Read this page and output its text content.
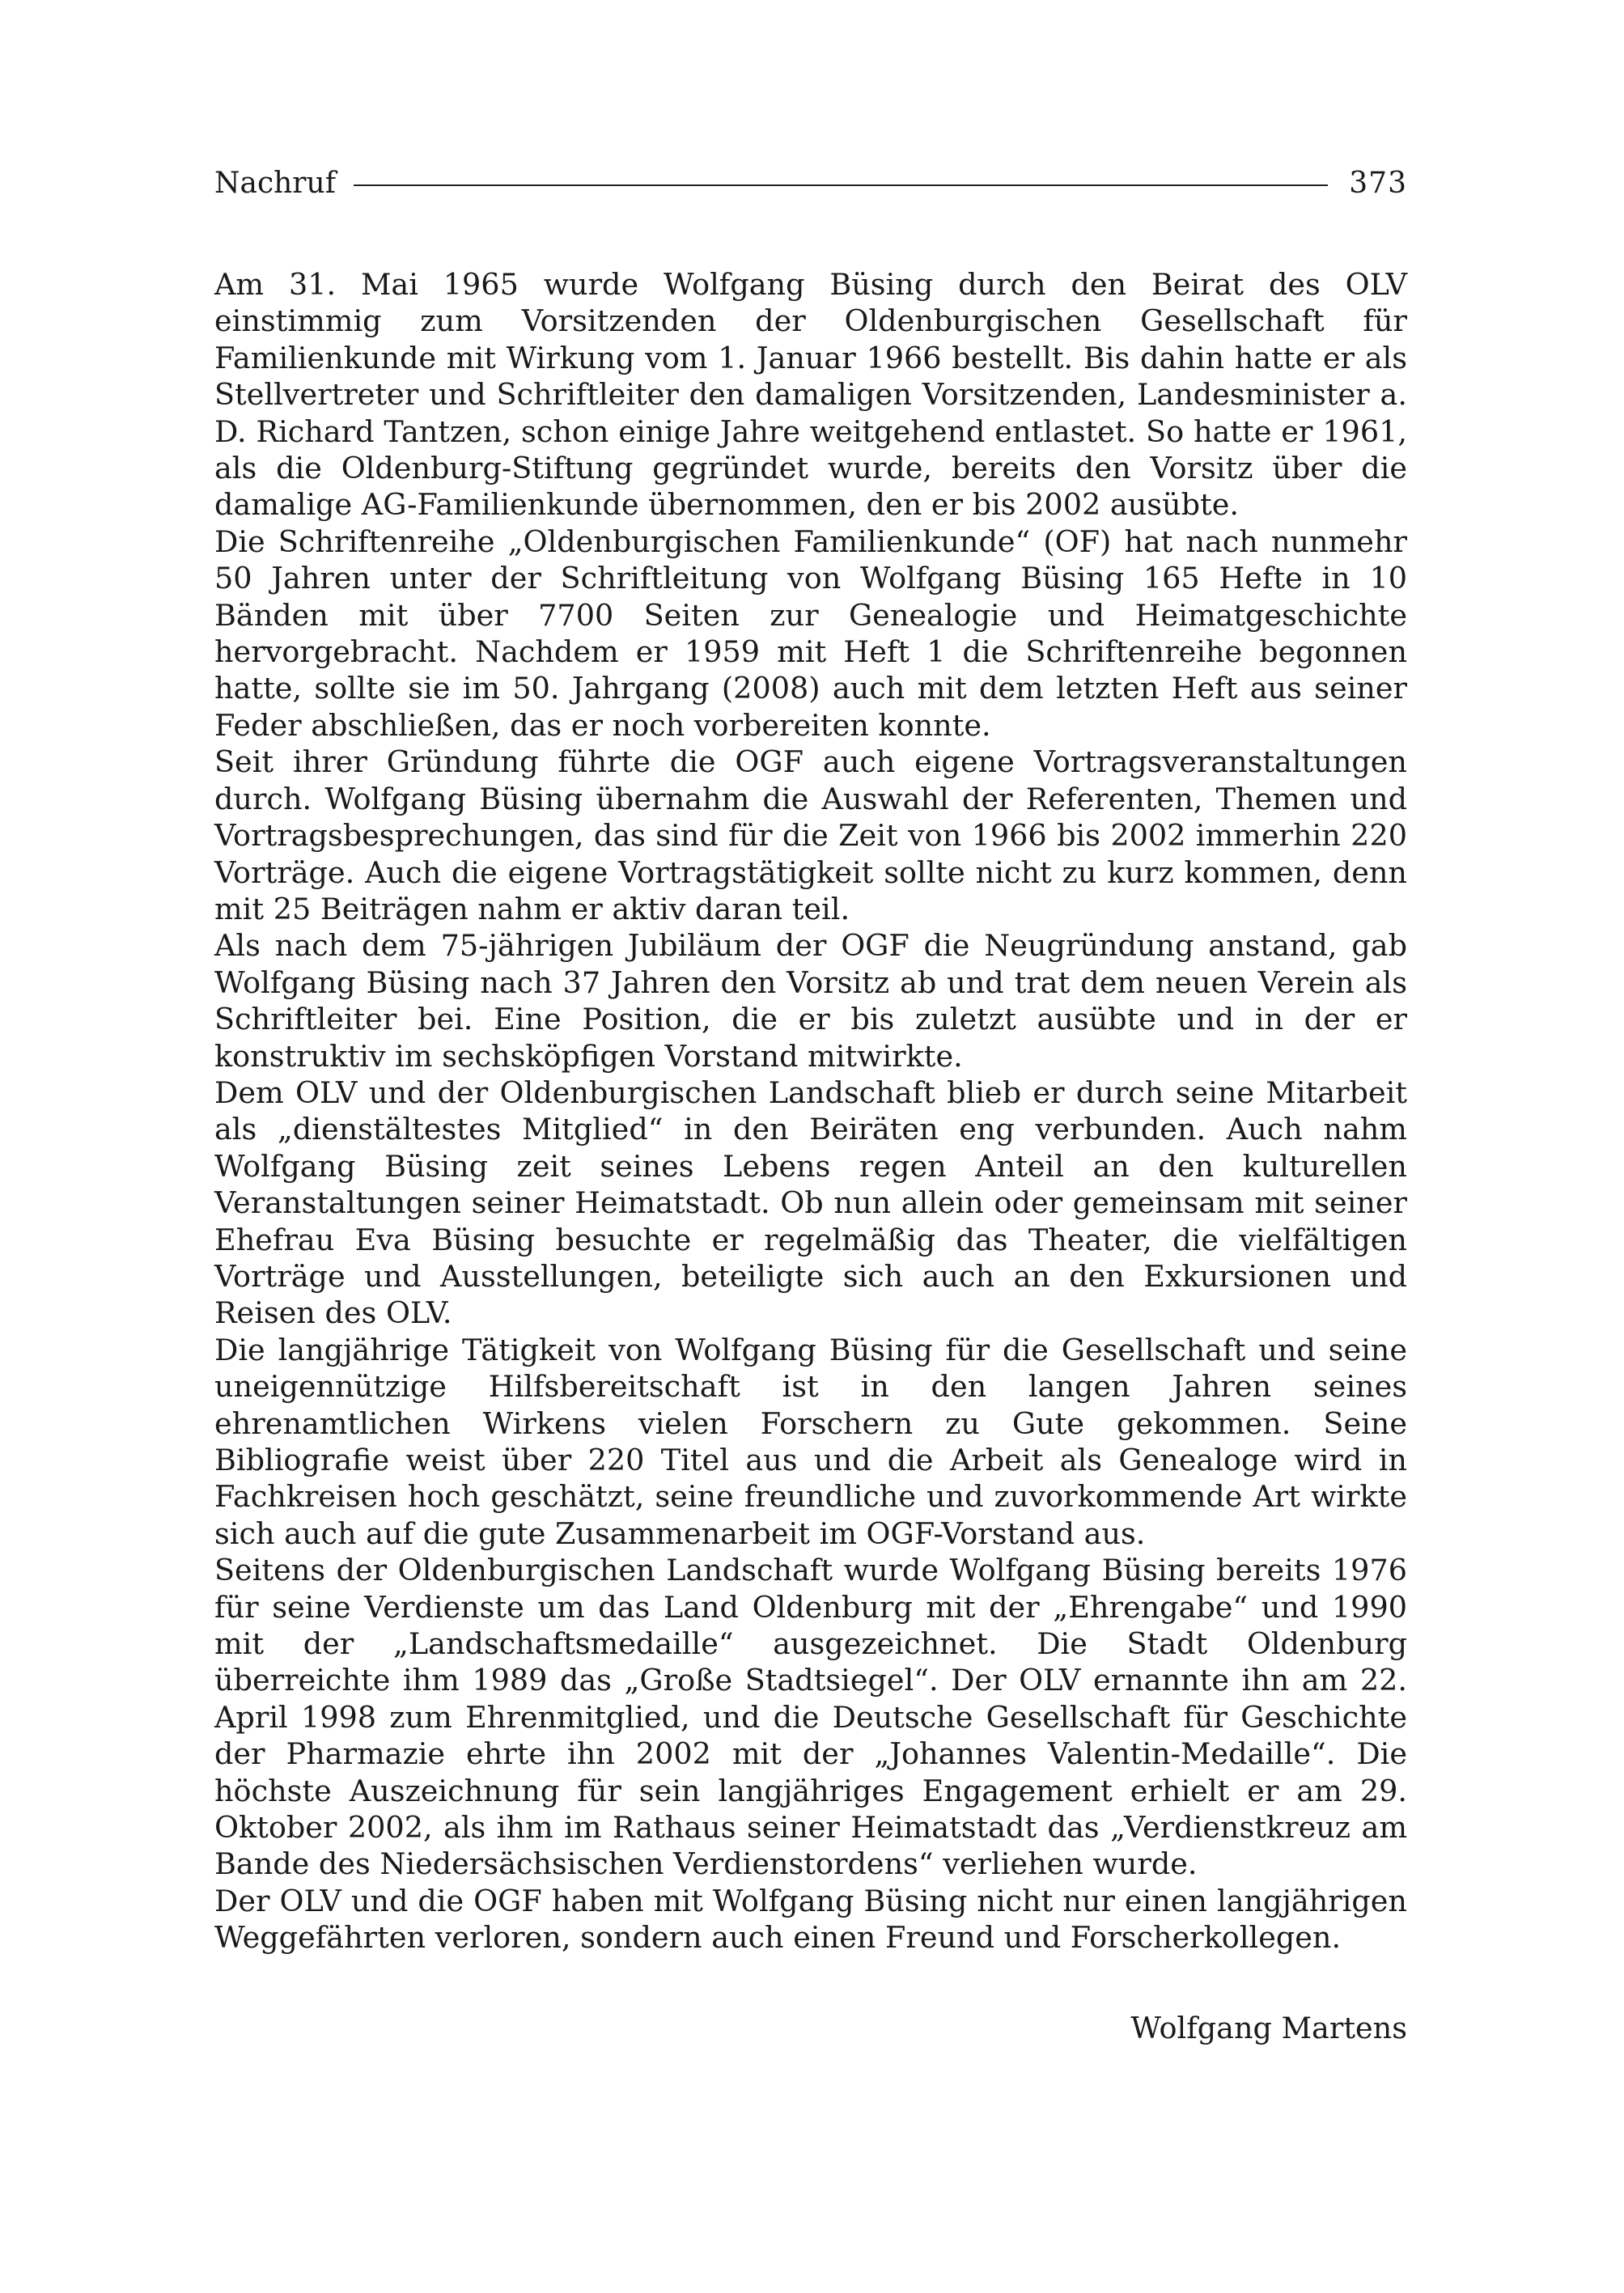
Nachruf	373

Am 31. Mai 1965 wurde Wolfgang Büsing durch den Beirat des OLV einstimmig zum Vorsitzenden der Oldenburgischen Gesellschaft für Familienkunde mit Wirkung vom 1. Januar 1966 bestellt. Bis dahin hatte er als Stellvertreter und Schriftleiter den damaligen Vorsitzenden, Landesminister a. D. Richard Tantzen, schon einige Jahre weitgehend entlastet. So hatte er 1961, als die Oldenburg-Stiftung gegründet wurde, bereits den Vorsitz über die damalige AG-Familienkunde übernommen, den er bis 2002 ausübte.

Die Schriftenreihe „Oldenburgischen Familienkunde“ (OF) hat nach nunmehr 50 Jahren unter der Schriftleitung von Wolfgang Büsing 165 Hefte in 10 Bänden mit über 7700 Seiten zur Genealogie und Heimatgeschichte hervorgebracht. Nachdem er 1959 mit Heft 1 die Schriftenreihe begonnen hatte, sollte sie im 50. Jahrgang (2008) auch mit dem letzten Heft aus seiner Feder abschließen, das er noch vorbereiten konnte.

Seit ihrer Gründung führte die OGF auch eigene Vortragsveranstaltungen durch. Wolfgang Büsing übernahm die Auswahl der Referenten, Themen und Vortragsbesprechungen, das sind für die Zeit von 1966 bis 2002 immerhin 220 Vorträge. Auch die eigene Vortragstätigkeit sollte nicht zu kurz kommen, denn mit 25 Beiträgen nahm er aktiv daran teil.

Als nach dem 75-jährigen Jubiläum der OGF die Neugründung anstand, gab Wolfgang Büsing nach 37 Jahren den Vorsitz ab und trat dem neuen Verein als Schriftleiter bei. Eine Position, die er bis zuletzt ausübte und in der er konstruktiv im sechsköpfigen Vorstand mitwirkte.

Dem OLV und der Oldenburgischen Landschaft blieb er durch seine Mitarbeit als „dienstältestes Mitglied“ in den Beiräten eng verbunden. Auch nahm Wolfgang Büsing zeit seines Lebens regen Anteil an den kulturellen Veranstaltungen seiner Heimatstadt. Ob nun allein oder gemeinsam mit seiner Ehefrau Eva Büsing besuchte er regelmäßig das Theater, die vielfältigen Vorträge und Ausstellungen, beteiligte sich auch an den Exkursionen und Reisen des OLV.

Die langjährige Tätigkeit von Wolfgang Büsing für die Gesellschaft und seine uneigennützige Hilfsbereitschaft ist in den langen Jahren seines ehrenamtlichen Wirkens vielen Forschern zu Gute gekommen. Seine Bibliografie weist über 220 Titel aus und die Arbeit als Genealoge wird in Fachkreisen hoch geschätzt, seine freundliche und zuvorkommende Art wirkte sich auch auf die gute Zusammenarbeit im OGF-Vorstand aus.

Seitens der Oldenburgischen Landschaft wurde Wolfgang Büsing bereits 1976 für seine Verdienste um das Land Oldenburg mit der „Ehrengabe“ und 1990 mit der „Landschaftsmedaille“ ausgezeichnet. Die Stadt Oldenburg überreichte ihm 1989 das „Große Stadtsiegel“. Der OLV ernannte ihn am 22. April 1998 zum Ehrenmitglied, und die Deutsche Gesellschaft für Geschichte der Pharmazie ehrte ihn 2002 mit der „Johannes Valentin-Medaille“. Die höchste Auszeichnung für sein langjähriges Engagement erhielt er am 29. Oktober 2002, als ihm im Rathaus seiner Heimatstadt das „Verdienstkreuz am Bande des Niedersächsischen Verdienstordens“ verliehen wurde.

Der OLV und die OGF haben mit Wolfgang Büsing nicht nur einen langjährigen Weggefährten verloren, sondern auch einen Freund und Forscherkollegen.

Wolfgang Martens
